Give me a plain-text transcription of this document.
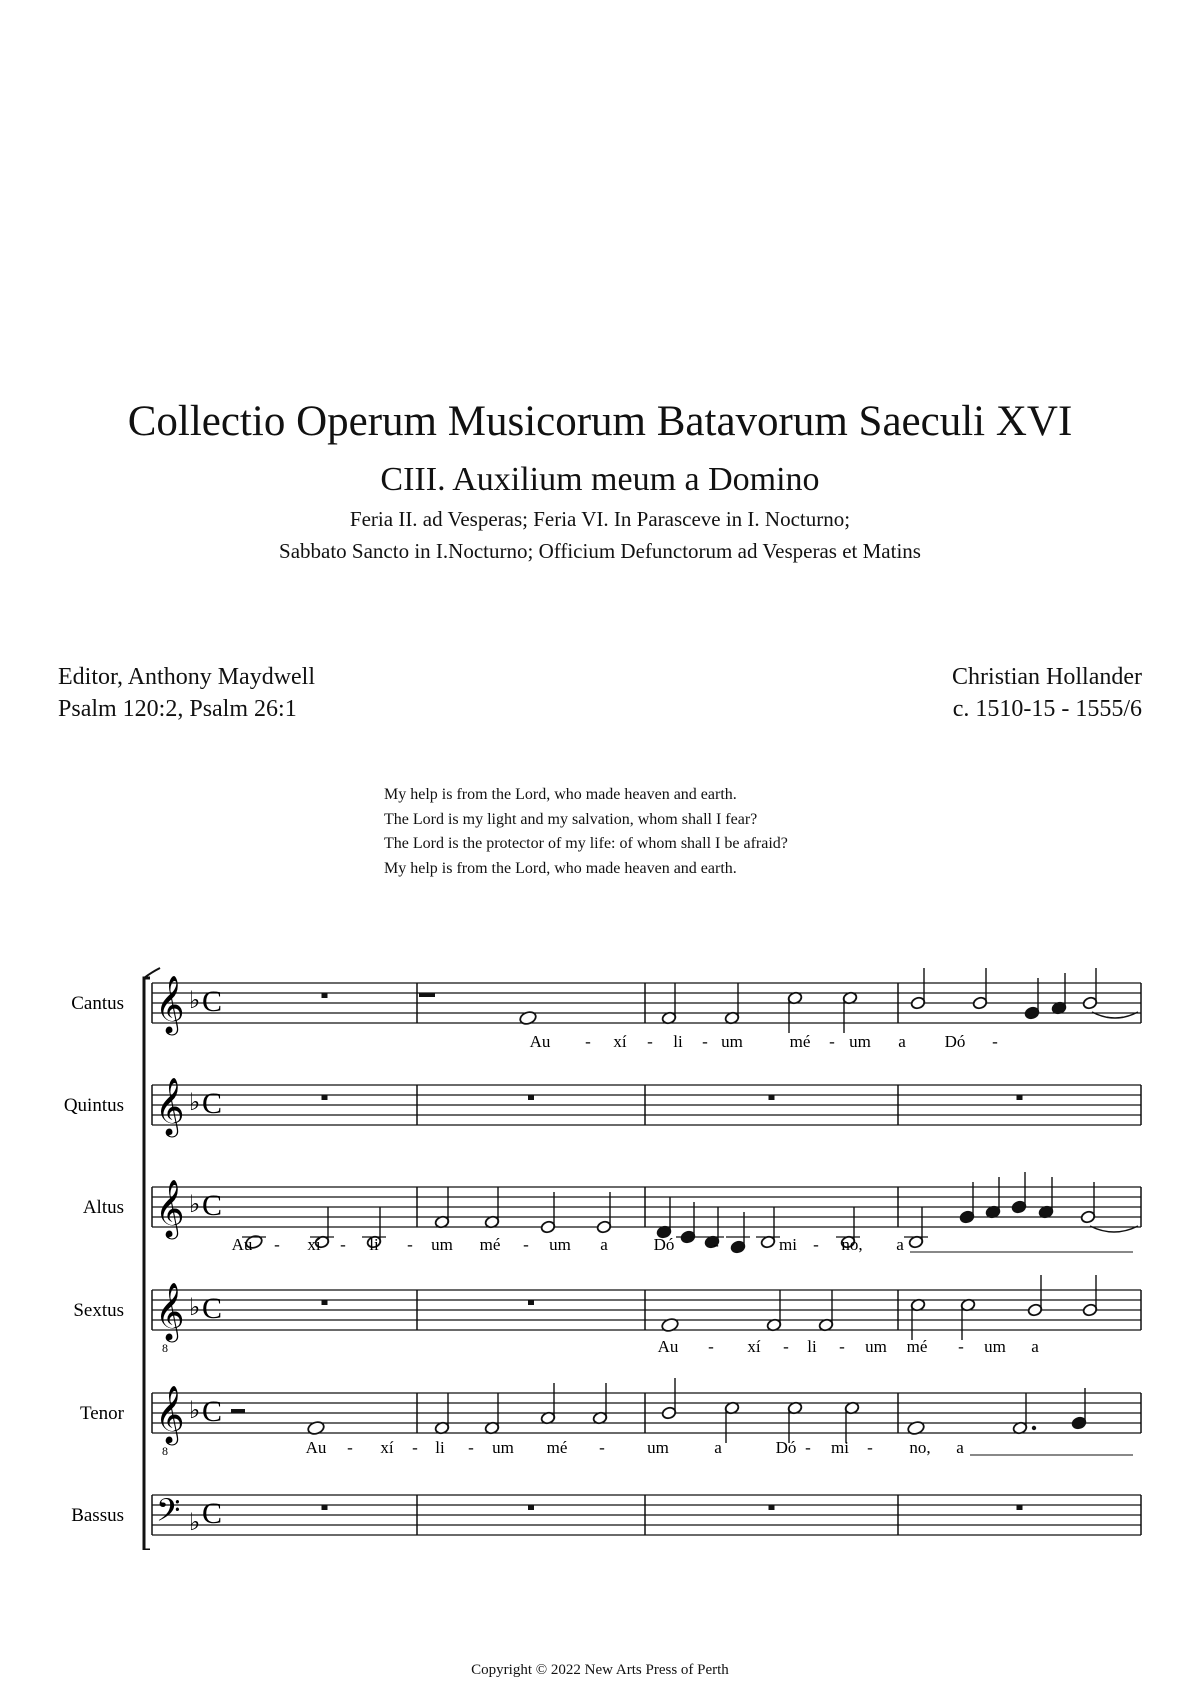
Collectio Operum Musicorum Batavorum Saeculi XVI
CIII. Auxilium meum a Domino
Feria II. ad Vesperas; Feria VI. In Parasceve in I. Nocturno;
Sabbato Sancto in I.Nocturno; Officium Defunctorum ad Vesperas et Matins
Editor, Anthony Maydwell
Psalm 120:2, Psalm 26:1
Christian Hollander
c. 1510-15 - 1555/6
My help is from the Lord, who made heaven and earth.
The Lord is my light and my salvation, whom shall I fear?
The Lord is the protector of my life: of whom shall I be afraid?
My help is from the Lord, who made heaven and earth.
𝄞 ♭ C
𝄞 ♭ C
𝄞 ♭ C
𝄞
8
♭ C
𝄞
8
♭ C
𝄢 ♭ C
Cantus
Quintus
Altus
Sextus
Tenor
Bassus
Au - xí - li - um	mé - um a Dó -
Au - xí - li - um mé - um a	Dó -	mi - no, a
Au - xí - li - um mé - um a
Au - xí - li - um mé - um	a	Dó - mi - no, a
Copyright © 2022 New Arts Press of Perth
